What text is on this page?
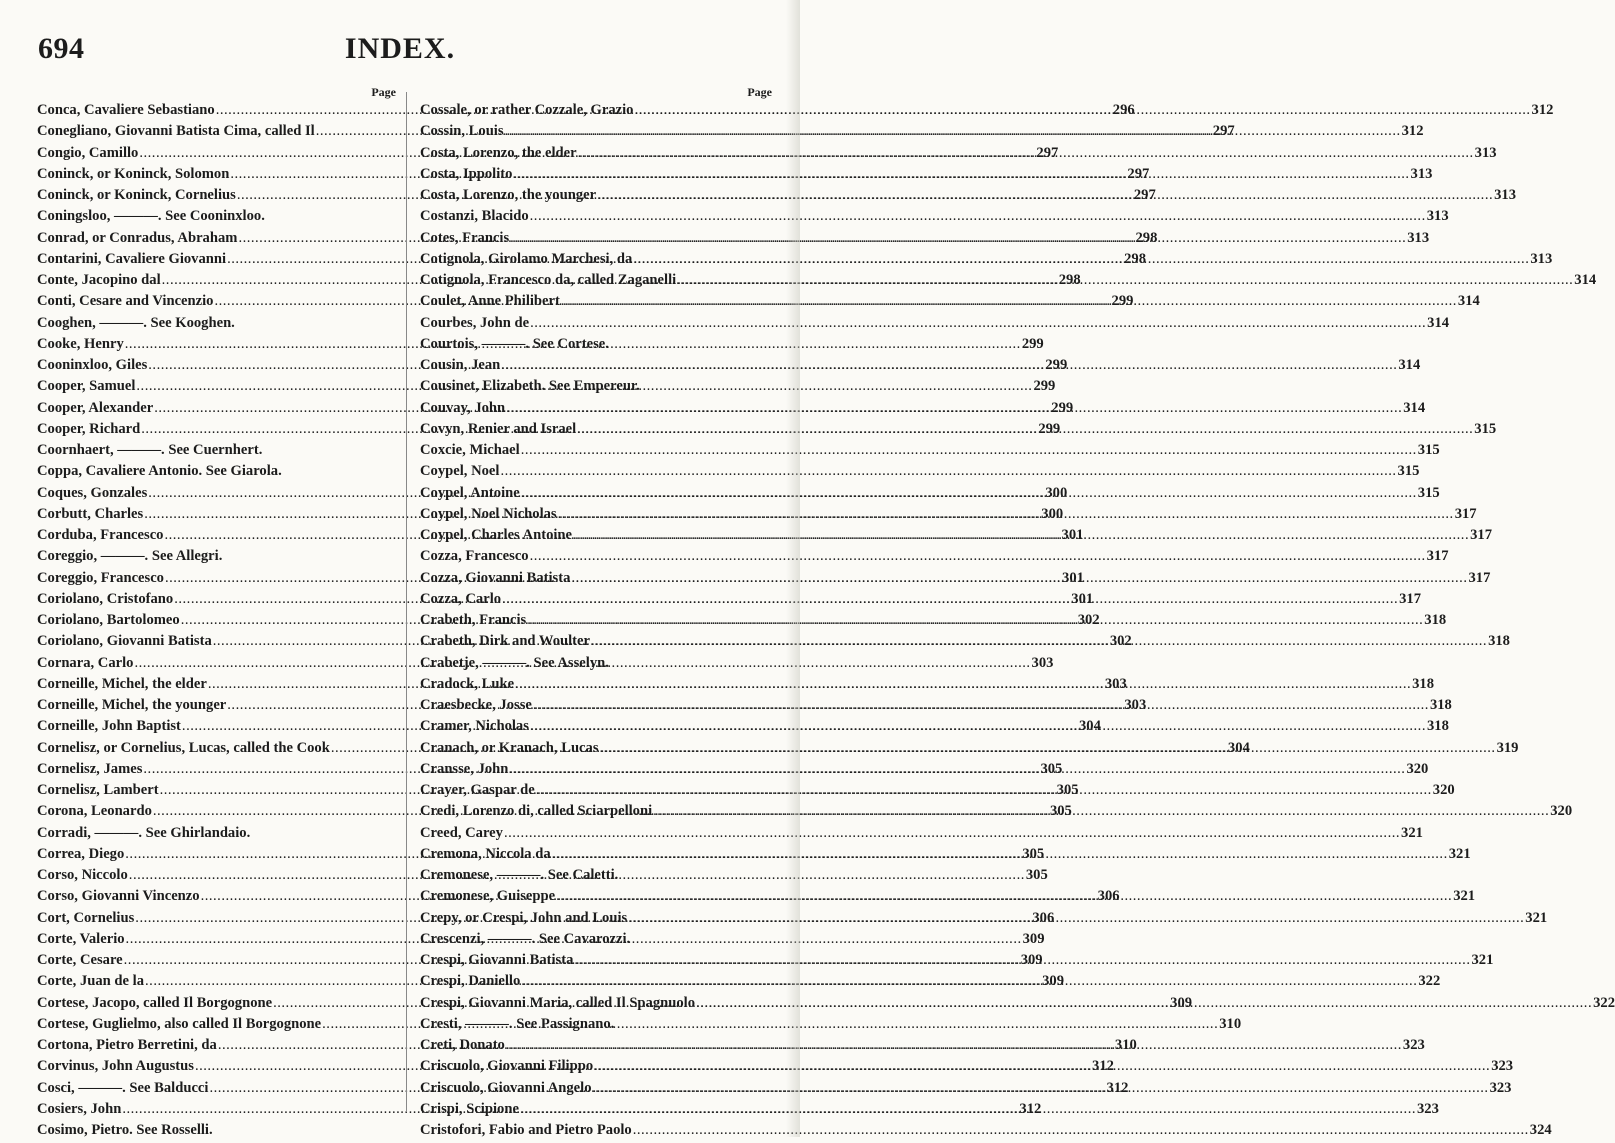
694	INDEX.
Page
Conca, Cavaliere Sebastiano .....	296
Conegliano, Giovanni Batista Cima, called Il .....	297
Congio, Camillo .....	297
Coninck, or Koninck, Solomon .....	297
Coninck, or Koninck, Cornelius .....	297
Coningsloo, ———. See Cooninxloo.
Conrad, or Conradus, Abraham .....	298
Contarini, Cavaliere Giovanni .....	298
Conte, Jacopino dal .....	298
Conti, Cesare and Vincenzio .....	299
Cooghen, ———. See Kooghen.
Cooke, Henry .....	299
Cooninxloo, Giles .....	299
Cooper, Samuel .....	299
Cooper, Alexander .....	299
Cooper, Richard .....	299
Coornhaert, ———. See Cuernhert.
Coppa, Cavaliere Antonio. See Giarola.
Coques, Gonzales .....	300
Corbutt, Charles .....	300
Corduba, Francesco .....	301
Coreggio, ———. See Allegri.
Coreggio, Francesco .....	301
Coriolano, Cristofano .....	301
Coriolano, Bartolomeo .....	302
Coriolano, Giovanni Batista .....	302
Cornara, Carlo .....	303
Corneille, Michel, the elder .....	303
Corneille, Michel, the younger .....	303
Corneille, John Baptist .....	304
Cornelisz, or Cornelius, Lucas, called the Cook .....	304
Cornelisz, James .....	305
Cornelisz, Lambert .....	305
Corona, Leonardo .....	305
Corradi, ———. See Ghirlandaio.
Correa, Diego .....	305
Corso, Niccolo .....	305
Corso, Giovanni Vincenzo .....	306
Cort, Cornelius .....	306
Corte, Valerio .....	309
Corte, Cesare .....	309
Corte, Juan de la .....	309
Cortese, Jacopo, called Il Borgognone .....	309
Cortese, Guglielmo, also called Il Borgognone .....	310
Cortona, Pietro Berretini, da .....	310
Corvinus, John Augustus .....	312
Cosci, ———. See Balducci .....	312
Cosiers, John .....	312
Cosimo, Pietro. See Rosselli.
Page
Cossale, or rather Cozzale, Grazio .....	312
Cossin, Louis .....	312
Costa, Lorenzo, the elder .....	313
Costa, Ippolito .....	313
Costa, Lorenzo, the younger .....	313
Costanzi, Blacido .....	313
Cotes, Francis .....	313
Cotignola, Girolamo Marchesi, da .....	313
Cotignola, Francesco da, called Zaganelli .....	314
Coulet, Anne Philibert .....	314
Courbes, John de .....	314
Courtois, ———. See Cortese.
Cousin, Jean .....	314
Cousinet, Elizabeth. See Empereur.
Couvay, John .....	314
Covyn, Renier and Israel .....	315
Coxcie, Michael .....	315
Coypel, Noel .....	315
Coypel, Antoine .....	315
Coypel, Noel Nicholas .....	317
Coypel, Charles Antoine .....	317
Cozza, Francesco .....	317
Cozza, Giovanni Batista .....	317
Cozza, Carlo .....	317
Crabeth, Francis .....	318
Crabeth, Dirk and Woulter .....	318
Crabetje, ———. See Asselyn.
Cradock, Luke .....	318
Craesbecke, Josse .....	318
Cramer, Nicholas .....	318
Cranach, or Kranach, Lucas .....	319
Cransse, John .....	320
Crayer, Gaspar de .....	320
Credi, Lorenzo di, called Sciarpelloni .....	320
Creed, Carey .....	321
Cremona, Niccola da .....	321
Cremonese, ———. See Caletti.
Cremonese, Guiseppe .....	321
Crepy, or Crespi, John and Louis .....	321
Crescenzi, ———. See Cavarozzi.
Crespi, Giovanni Batista .....	321
Crespi, Daniello .....	322
Crespi, Giovanni Maria, called Il Spagnuolo .....	322
Cresti, ———. See Passignano.
Creti, Donato .....	323
Criscuolo, Giovanni Filippo .....	323
Criscuolo, Giovanni Angelo .....	323
Crispi, Scipione .....	323
Cristofori, Fabio and Pietro Paolo .....	324
